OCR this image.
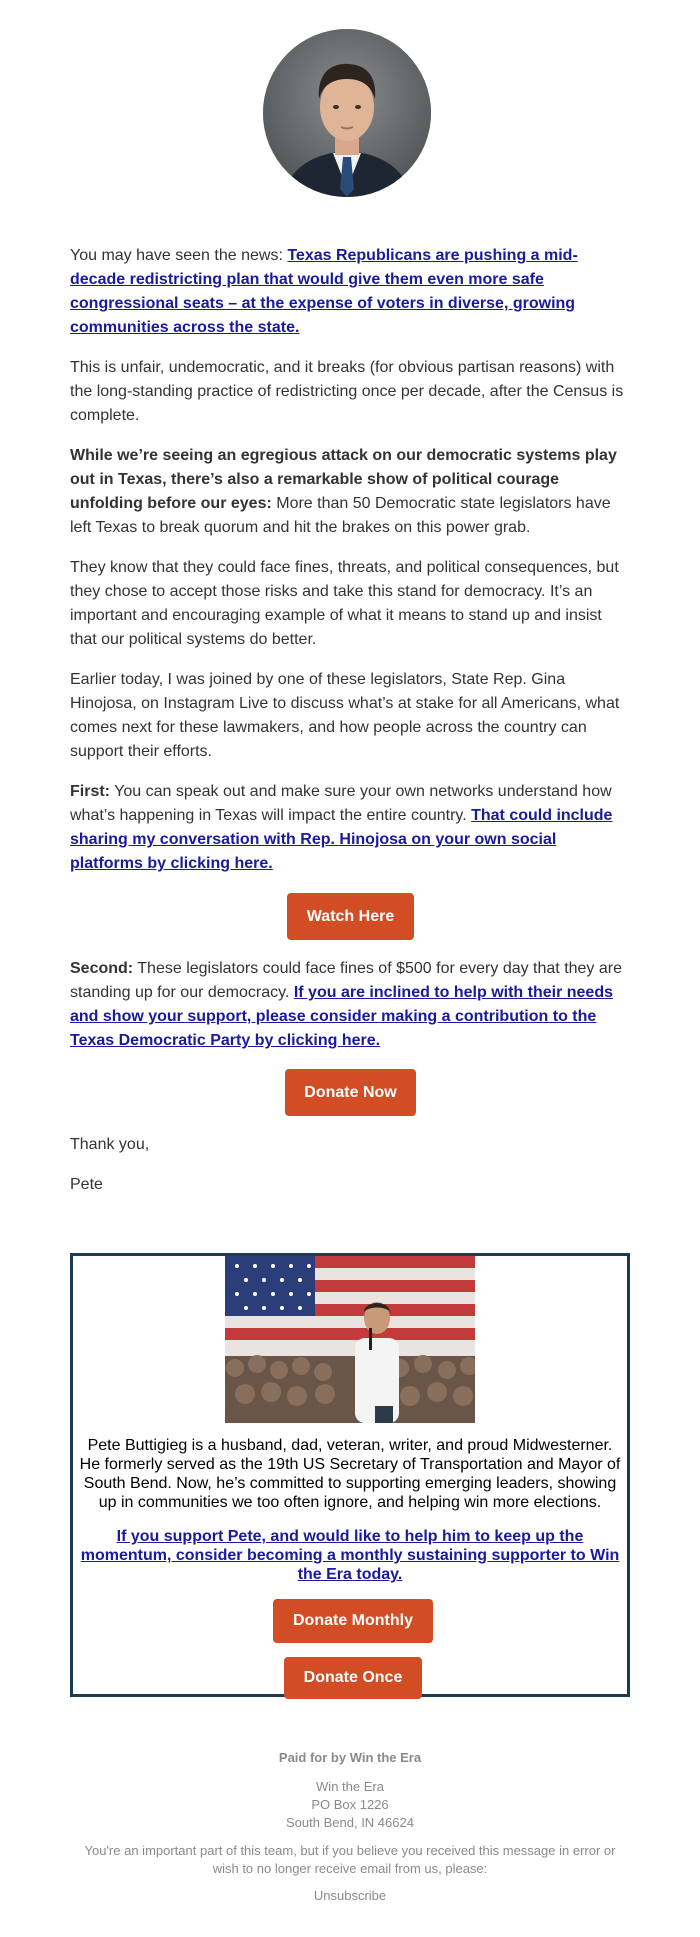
You may have seen the news: Texas Republicans are pushing a mid-decade redistricting plan that would give them even more safe congressional seats – at the expense of voters in diverse, growing communities across the state.

This is unfair, undemocratic, and it breaks (for obvious partisan reasons) with the long-standing practice of redistricting once per decade, after the Census is complete.

While we’re seeing an egregious attack on our democratic systems play out in Texas, there’s also a remarkable show of political courage unfolding before our eyes: More than 50 Democratic state legislators have left Texas to break quorum and hit the brakes on this power grab.

They know that they could face fines, threats, and political consequences, but they chose to accept those risks and take this stand for democracy. It’s an important and encouraging example of what it means to stand up and insist that our political systems do better.

Earlier today, I was joined by one of these legislators, State Rep. Gina Hinojosa, on Instagram Live to discuss what’s at stake for all Americans, what comes next for these lawmakers, and how people across the country can support their efforts.

First: You can speak out and make sure your own networks understand how what’s happening in Texas will impact the entire country. That could include sharing my conversation with Rep. Hinojosa on your own social platforms by clicking here.

Watch Here

Second: These legislators could face fines of $500 for every day that they are standing up for our democracy. If you are inclined to help with their needs and show your support, please consider making a contribution to the Texas Democratic Party by clicking here.

Donate Now

Thank you,

Pete

Pete Buttigieg is a husband, dad, veteran, writer, and proud Midwesterner. He formerly served as the 19th US Secretary of Transportation and Mayor of South Bend. Now, he’s committed to supporting emerging leaders, showing up in communities we too often ignore, and helping win more elections.
If you support Pete, and would like to help him to keep up the momentum, consider becoming a monthly sustaining supporter to Win the Era today.
Donate Monthly
Donate Once
Paid for by Win the Era
Win the Era
PO Box 1226
South Bend, IN 46624
You're an important part of this team, but if you believe you received this message in error or wish to no longer receive email from us, please:
Unsubscribe
